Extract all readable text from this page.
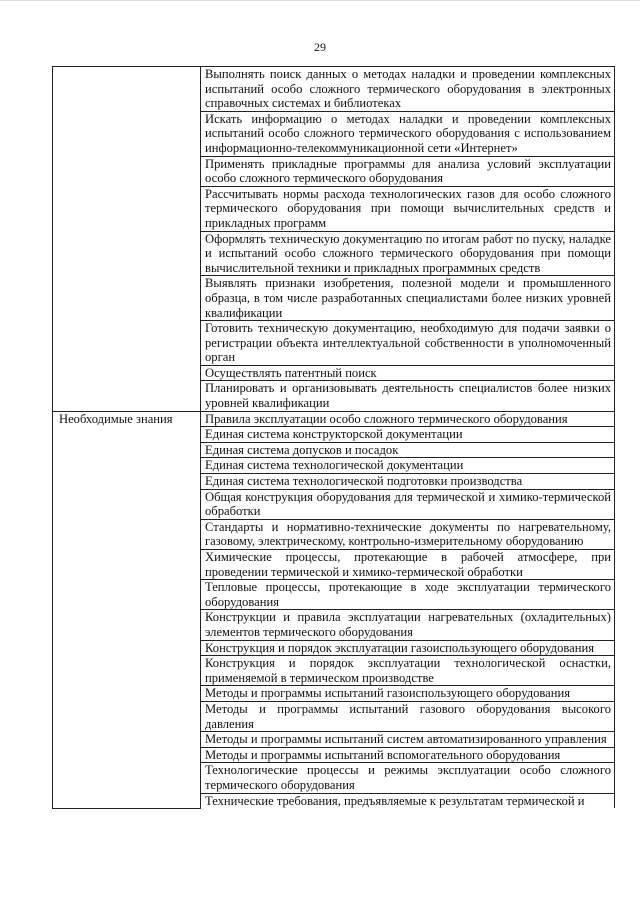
29
	Выполнять поиск данных о методах наладки и проведении комплексных испытаний особо сложного термического оборудования в электронных справочных системах и библиотеках
	Искать информацию о методах наладки и проведении комплексных испытаний особо сложного термического оборудования с использованием информационно-телекоммуникационной сети «Интернет»
	Применять прикладные программы для анализа условий эксплуатации особо сложного термического оборудования
	Рассчитывать нормы расхода технологических газов для особо сложного термического оборудования при помощи вычислительных средств и прикладных программ
	Оформлять техническую документацию по итогам работ по пуску, наладке и испытаний особо сложного термического оборудования при помощи вычислительной техники и прикладных программных средств
	Выявлять признаки изобретения, полезной модели и промышленного образца, в том числе разработанных специалистами более низких уровней квалификации
	Готовить техническую документацию, необходимую для подачи заявки о регистрации объекта интеллектуальной собственности в уполномоченный орган
	Осуществлять патентный поиск
	Планировать и организовывать деятельность специалистов более низких уровней квалификации
Необходимые знания	Правила эксплуатации особо сложного термического оборудования
	Единая система конструкторской документации
	Единая система допусков и посадок
	Единая система технологической документации
	Единая система технологической подготовки производства
	Общая конструкция оборудования для термической и химико-термической обработки
	Стандарты и нормативно-технические документы по нагревательному, газовому, электрическому, контрольно-измерительному оборудованию
	Химические процессы, протекающие в рабочей атмосфере, при проведении термической и химико-термической обработки
	Тепловые процессы, протекающие в ходе эксплуатации термического оборудования
	Конструкции и правила эксплуатации нагревательных (охладительных) элементов термического оборудования
	Конструкция и порядок эксплуатации газоиспользующего оборудования
	Конструкция и порядок эксплуатации технологической оснастки, применяемой в термическом производстве
	Методы и программы испытаний газоиспользующего оборудования
	Методы и программы испытаний газового оборудования высокого давления
	Методы и программы испытаний систем автоматизированного управления
	Методы и программы испытаний вспомогательного оборудования
	Технологические процессы и режимы эксплуатации особо сложного термического оборудования
	Технические требования, предъявляемые к результатам термической и
